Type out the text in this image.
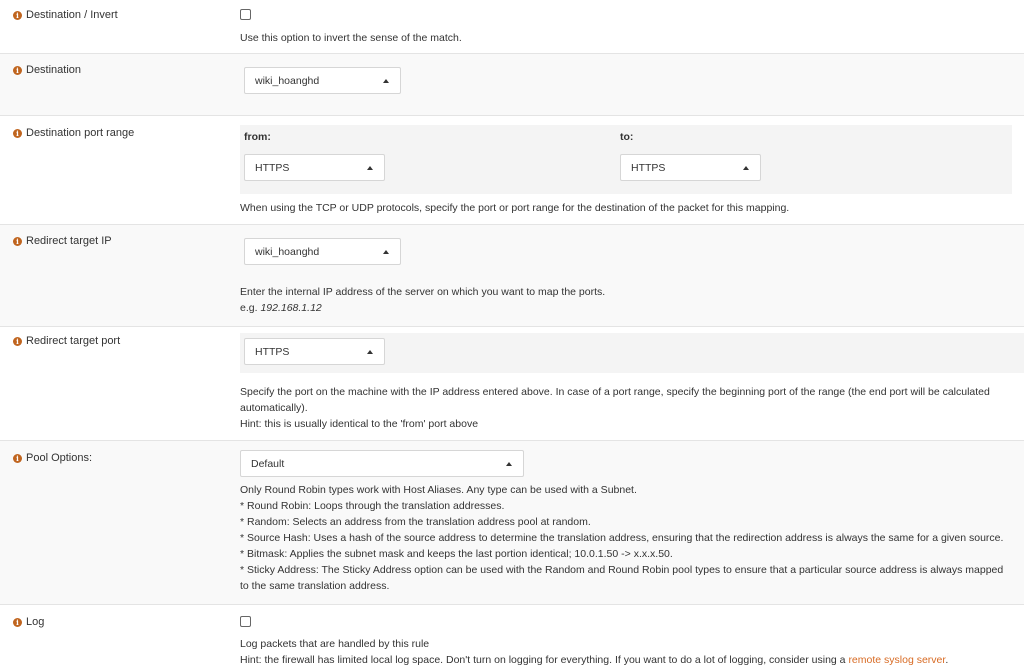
i Destination / Invert
Use this option to invert the sense of the match.
i Destination
wiki_hoanghd
i Destination port range	from:	to:
HTTPS	HTTPS
When using the TCP or UDP protocols, specify the port or port range for the destination of the packet for this mapping.
i Redirect target IP
wiki_hoanghd
Enter the internal IP address of the server on which you want to map the ports.
e.g. 192.168.1.12
i Redirect target port
HTTPS
Specify the port on the machine with the IP address entered above. In case of a port range, specify the beginning port of the range (the end port will be calculated
automatically).
Hint: this is usually identical to the 'from' port above
i Pool Options:	Default
Only Round Robin types work with Host Aliases. Any type can be used with a Subnet.
* Round Robin: Loops through the translation addresses.
* Random: Selects an address from the translation address pool at random.
* Source Hash: Uses a hash of the source address to determine the translation address, ensuring that the redirection address is always the same for a given source.
* Bitmask: Applies the subnet mask and keeps the last portion identical; 10.0.1.50 -> x.x.x.50.
* Sticky Address: The Sticky Address option can be used with the Random and Round Robin pool types to ensure that a particular source address is always mapped
to the same translation address.
i Log
Log packets that are handled by this rule
Hint: the firewall has limited local log space. Don't turn on logging for everything. If you want to do a lot of logging, consider using a remote syslog server.
